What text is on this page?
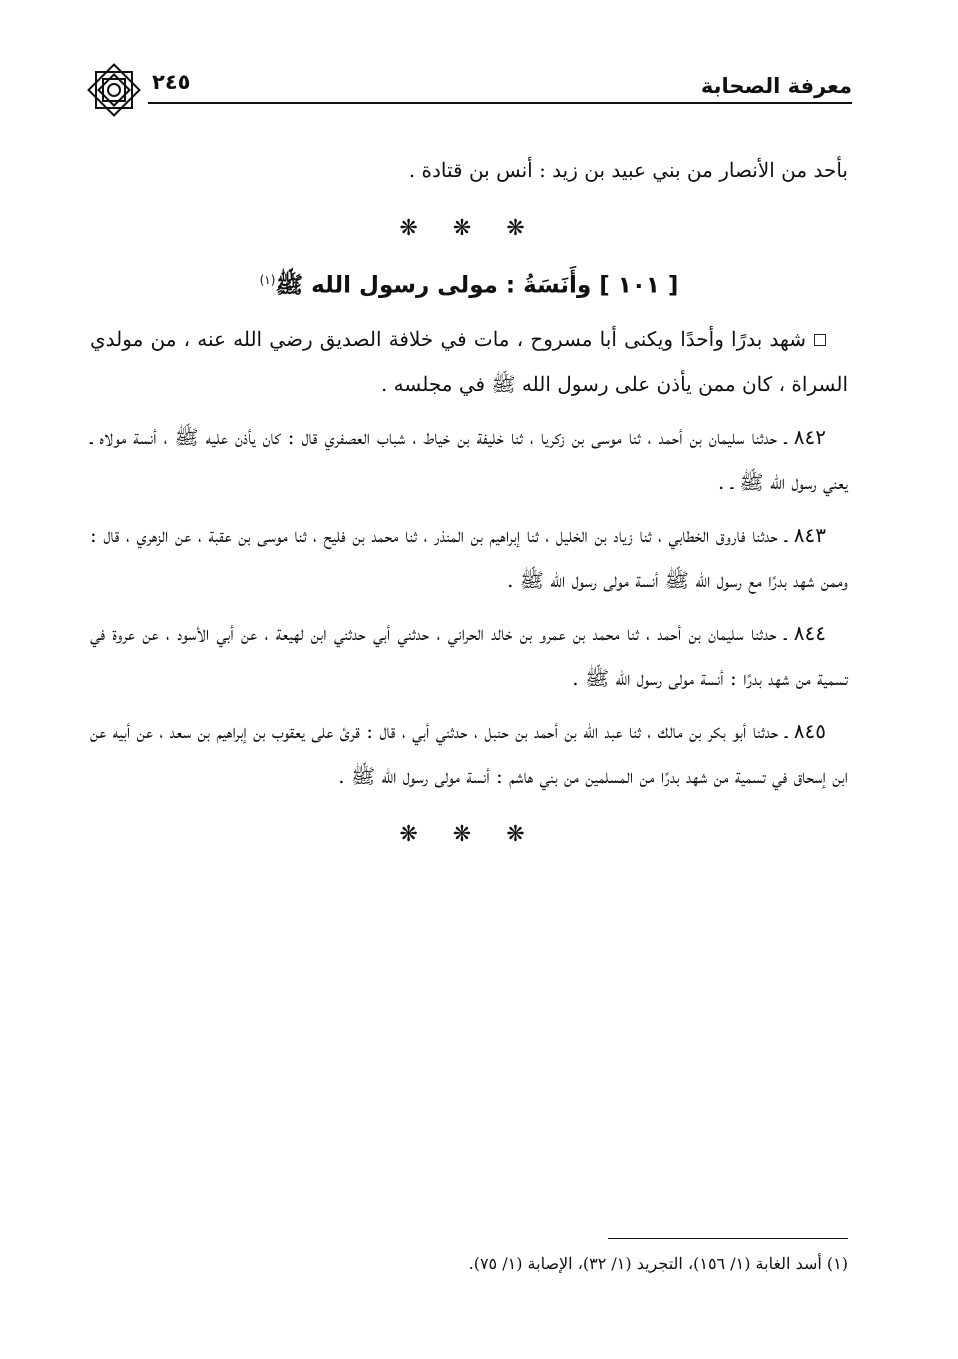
معرفة الصحابة
٢٤٥

بأحد من الأنصار من بني عبيد بن زيد : أنس بن قتادة .

❋ ❋ ❋
[ ١٠١ ] وأَنَسَةُ : مولى رسول الله ﷺ$^{(١)}$

شهد بدرًا وأحدًا ويكنى أبا مسروح ، مات في خلافة الصديق رضي الله عنه ، من مولدي السراة ، كان ممن يأذن على رسول الله ﷺ في مجلسه .

٨٤٢ ـ حدثنا سليمان بن أحمد ، ثنا موسى بن زكريا ، ثنا خليفة بن خياط ، شباب العصفري قال : كان يأذن عليه ﷺ ، أنسة مولاه ـ يعني رسول الله ﷺ ـ .

٨٤٣ ـ حدثنا فاروق الخطابي ، ثنا زياد بن الخليل ، ثنا إبراهيم بن المنذر ، ثنا محمد بن فليح ، ثنا موسى بن عقبة ، عن الزهري ، قال : وممن شهد بدرًا مع رسول الله ﷺ أنسة مولى رسول الله ﷺ .

٨٤٤ ـ حدثنا سليمان بن أحمد ، ثنا محمد بن عمرو بن خالد الحراني ، حدثني أبي حدثني ابن لهيعة ، عن أبي الأسود ، عن عروة في تسمية من شهد بدرًا : أنسة مولى رسول الله ﷺ .

٨٤٥ ـ حدثنا أبو بكر بن مالك ، ثنا عبد الله بن أحمد بن حنبل ، حدثني أبي ، قال : قرئ على يعقوب بن إبراهيم بن سعد ، عن أبيه عن ابن إسحاق في تسمية من شهد بدرًا من المسلمين من بني هاشم : أنسة مولى رسول الله ﷺ .

❋ ❋ ❋
(١) أسد الغابة (١/ ١٥٦)، التجريد (١/ ٣٢)، الإصابة (١/ ٧٥).
